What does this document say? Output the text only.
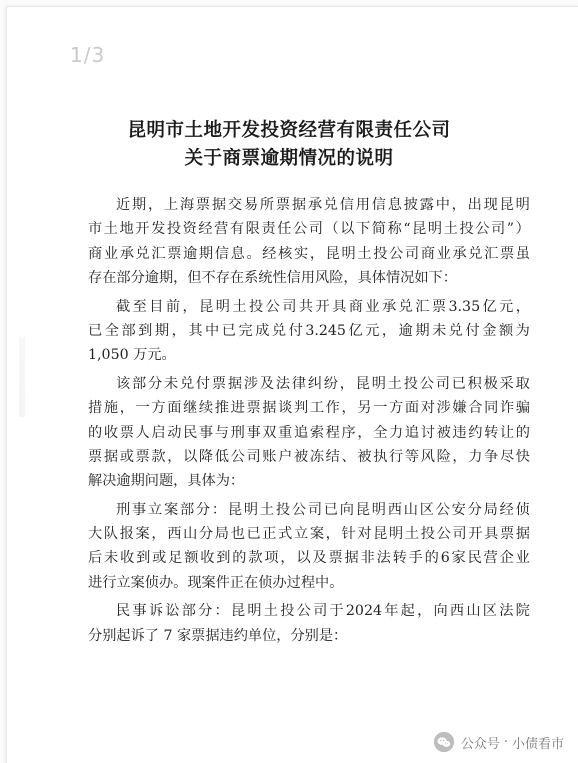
1/3
昆明市土地开发投资经营有限责任公司
关于商票逾期情况的说明
近 期 ， 上 海 票 据 交 易 所 票 据 承 兑 信 用 信 息 披 露 中 ， 出 现 昆 明
市 土 地 开 发 投 资 经 营 有 限 责 任 公 司 （ 以 下 简 称 “ 昆 明 土 投 公 司 ” ）
商 业 承 兑 汇 票 逾 期 信 息 。 经 核 实 ， 昆 明 土 投 公 司 商 业 承 兑 汇 票 虽
存在部分逾期，但不存在系统性信用风险，具体情况如下：
截 至 目 前 ， 昆 明 土 投 公 司 共 开 具 商 业 承 兑 汇 票 3.35 亿 元 ，
已 全 部 到 期 ， 其 中 已 完 成 兑 付 3.245 亿 元 ， 逾 期 未 兑 付 金 额 为
1,050 万元。
该 部 分 未 兑 付 票 据 涉 及 法 律 纠 纷 ， 昆 明 土 投 公 司 已 积 极 采 取
措 施 ， 一 方 面 继 续 推 进 票 据 谈 判 工 作 ， 另 一 方 面 对 涉 嫌 合 同 诈 骗
的 收 票 人 启 动 民 事 与 刑 事 双 重 追 索 程 序 ， 全 力 追 讨 被 违 约 转 让 的
票 据 或 票 款 ， 以 降 低 公 司 账 户 被 冻 结 、 被 执 行 等 风 险 ， 力 争 尽 快
解决逾期问题，具体为：
刑 事 立 案 部 分 ： 昆 明 土 投 公 司 已 向 昆 明 西 山 区 公 安 分 局 经 侦
大 队 报 案 ， 西 山 分 局 也 已 正 式 立 案 ， 针 对 昆 明 土 投 公 司 开 具 票 据
后 未 收 到 或 足 额 收 到 的 款 项 ， 以 及 票 据 非 法 转 手 的 6 家 民 营 企 业
进行立案侦办。现案件正在侦办过程中。
民 事 诉 讼 部 分 ： 昆 明 土 投 公 司 于 2024 年 起 ， 向 西 山 区 法 院
分别起诉了 7 家票据违约单位，分别是：
公众号 · 小债看市
